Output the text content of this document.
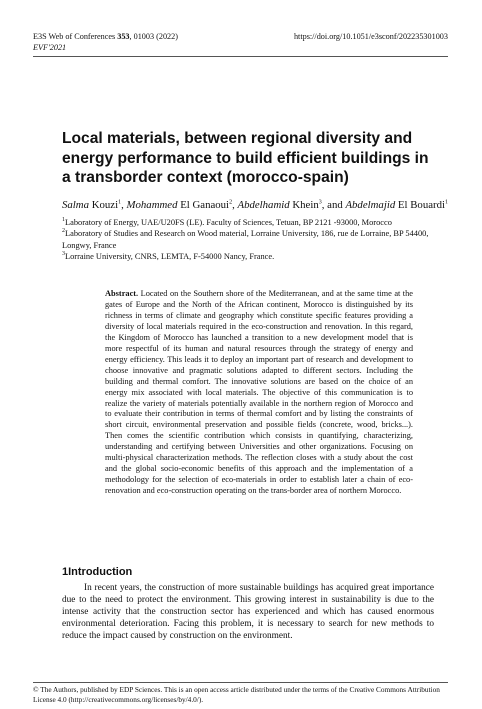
E3S Web of Conferences 353, 01003 (2022)
EVF'2021
https://doi.org/10.1051/e3sconf/202235301003
Local materials, between regional diversity and energy performance to build efficient buildings in a transborder context (morocco-spain)
Salma Kouzi$^1$, Mohammed El Ganaoui$^2$, Abdelhamid Khein$^3$, and Abdelmajid El Bouardi$^1$

$^1$Laboratory of Energy, UAE/U20FS (LE). Faculty of Sciences, Tetuan, BP 2121 -93000, Morocco

$^2$Laboratory of Studies and Research on Wood material, Lorraine University, 186, rue de Lorraine, BP 54400, Longwy, France

$^3$Lorraine University, CNRS, LEMTA, F-54000 Nancy, France.

Abstract. Located on the Southern shore of the Mediterranean, and at the same time at the gates of Europe and the North of the African continent, Morocco is distinguished by its richness in terms of climate and geography which constitute specific features providing a diversity of local materials required in the eco-construction and renovation. In this regard, the Kingdom of Morocco has launched a transition to a new development model that is more respectful of its human and natural resources through the strategy of energy and energy efficiency. This leads it to deploy an important part of research and development to choose innovative and pragmatic solutions adapted to different sectors. Including the building and thermal comfort. The innovative solutions are based on the choice of an energy mix associated with local materials. The objective of this communication is to realize the variety of materials potentially available in the northern region of Morocco and to evaluate their contribution in terms of thermal comfort and by listing the constraints of short circuit, environmental preservation and possible fields (concrete, wood, bricks...). Then comes the scientific contribution which consists in quantifying, characterizing, understanding and certifying between Universities and other organizations. Focusing on multi-physical characterization methods. The reflection closes with a study about the cost and the global socio-economic benefits of this approach and the implementation of a methodology for the selection of eco-materials in order to establish later a chain of eco-renovation and eco-construction operating on the trans-border area of northern Morocco.
1Introduction

In recent years, the construction of more sustainable buildings has acquired great importance due to the need to protect the environment. This growing interest in sustainability is due to the intense activity that the construction sector has experienced and which has caused enormous environmental deterioration. Facing this problem, it is necessary to search for new methods to reduce the impact caused by construction on the environment.

© The Authors, published by EDP Sciences. This is an open access article distributed under the terms of the Creative Commons Attribution License 4.0 (http://creativecommons.org/licenses/by/4.0/).
